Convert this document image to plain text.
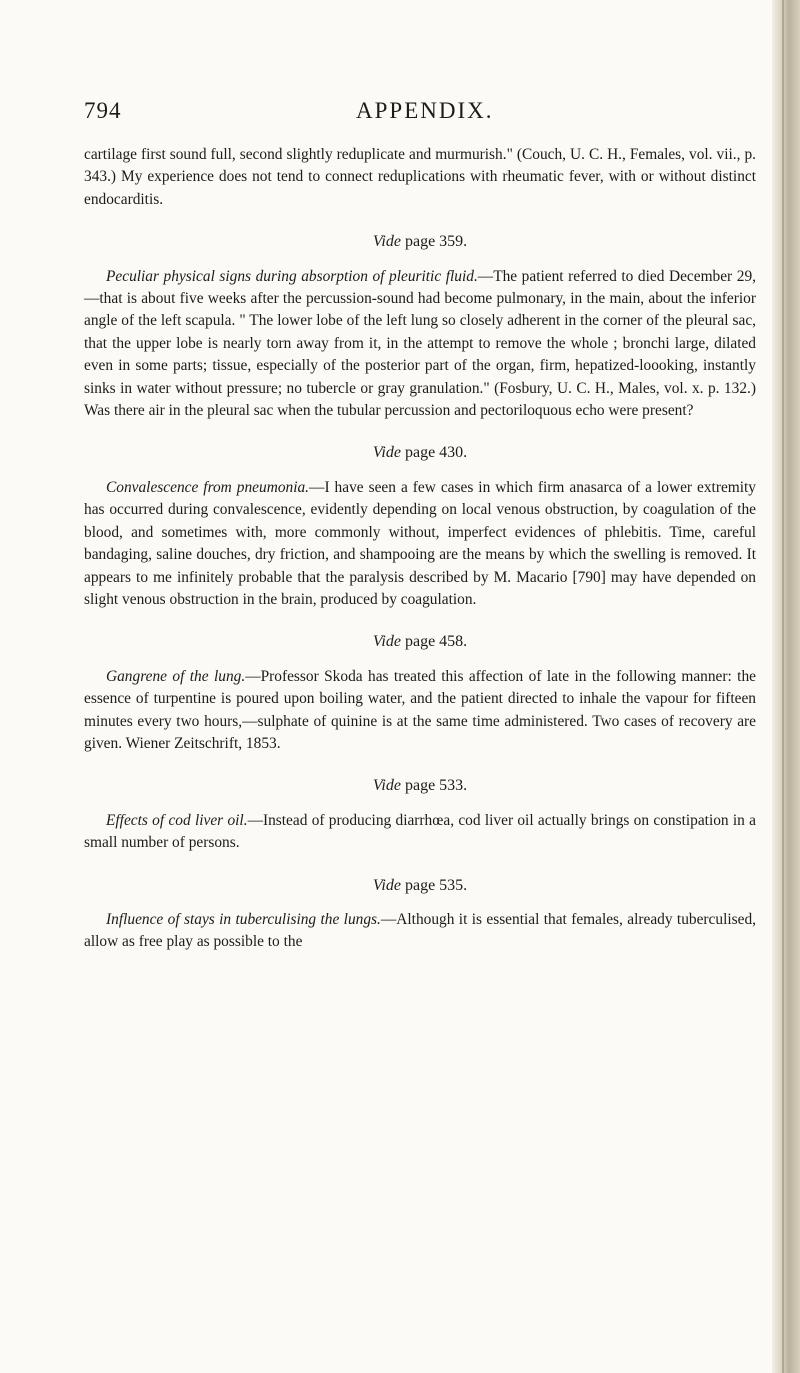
794	APPENDIX.

cartilage first sound full, second slightly reduplicate and murmurish." (Couch, U. C. H., Females, vol. vii., p. 343.) My experience does not tend to connect reduplications with rheumatic fever, with or without distinct endocarditis.

Vide page 359.

Peculiar physical signs during absorption of pleuritic fluid.—The patient referred to died December 29,—that is about five weeks after the percussion-sound had become pulmonary, in the main, about the inferior angle of the left scapula. " The lower lobe of the left lung so closely adherent in the corner of the pleural sac, that the upper lobe is nearly torn away from it, in the attempt to remove the whole ; bronchi large, dilated even in some parts; tissue, especially of the posterior part of the organ, firm, hepatized-loooking, instantly sinks in water without pressure; no tubercle or gray granulation." (Fosbury, U. C. H., Males, vol. x. p. 132.) Was there air in the pleural sac when the tubular percussion and pectoriloquous echo were present?

Vide page 430.

Convalescence from pneumonia.—I have seen a few cases in which firm anasarca of a lower extremity has occurred during convalescence, evidently depending on local venous obstruction, by coagulation of the blood, and sometimes with, more commonly without, imperfect evidences of phlebitis. Time, careful bandaging, saline douches, dry friction, and shampooing are the means by which the swelling is removed. It appears to me infinitely probable that the paralysis described by M. Macario [790] may have depended on slight venous obstruction in the brain, produced by coagulation.

Vide page 458.

Gangrene of the lung.—Professor Skoda has treated this affection of late in the following manner: the essence of turpentine is poured upon boiling water, and the patient directed to inhale the vapour for fifteen minutes every two hours,—sulphate of quinine is at the same time administered. Two cases of recovery are given. Wiener Zeitschrift, 1853.

Vide page 533.

Effects of cod liver oil.—Instead of producing diarrhœa, cod liver oil actually brings on constipation in a small number of persons.

Vide page 535.

Influence of stays in tuberculising the lungs.—Although it is essential that females, already tuberculised, allow as free play as possible to the
